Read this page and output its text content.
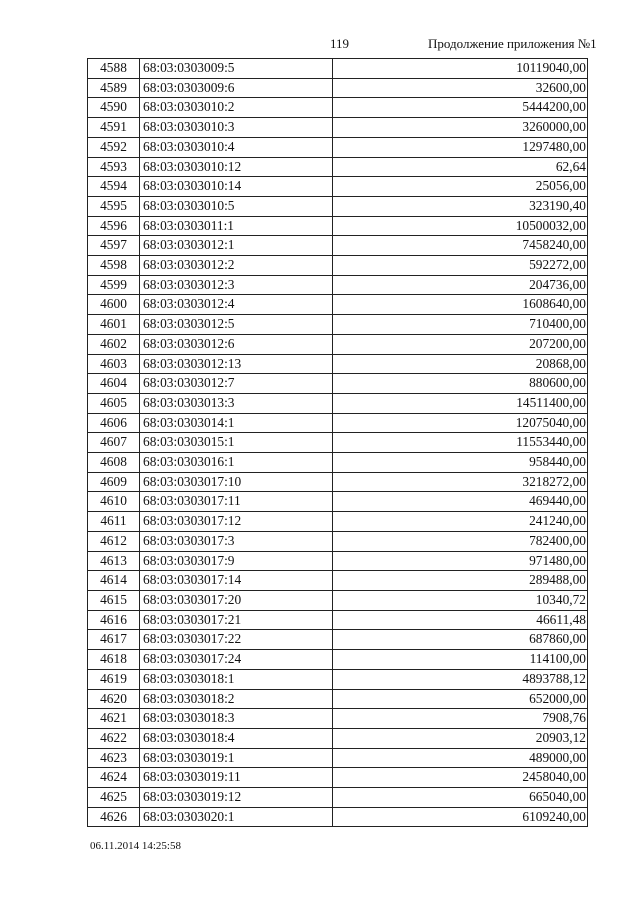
119	Продолжение приложения №1
4588	68:03:0303009:5	10119040,00
4589	68:03:0303009:6	32600,00
4590	68:03:0303010:2	5444200,00
4591	68:03:0303010:3	3260000,00
4592	68:03:0303010:4	1297480,00
4593	68:03:0303010:12	62,64
4594	68:03:0303010:14	25056,00
4595	68:03:0303010:5	323190,40
4596	68:03:0303011:1	10500032,00
4597	68:03:0303012:1	7458240,00
4598	68:03:0303012:2	592272,00
4599	68:03:0303012:3	204736,00
4600	68:03:0303012:4	1608640,00
4601	68:03:0303012:5	710400,00
4602	68:03:0303012:6	207200,00
4603	68:03:0303012:13	20868,00
4604	68:03:0303012:7	880600,00
4605	68:03:0303013:3	14511400,00
4606	68:03:0303014:1	12075040,00
4607	68:03:0303015:1	11553440,00
4608	68:03:0303016:1	958440,00
4609	68:03:0303017:10	3218272,00
4610	68:03:0303017:11	469440,00
4611	68:03:0303017:12	241240,00
4612	68:03:0303017:3	782400,00
4613	68:03:0303017:9	971480,00
4614	68:03:0303017:14	289488,00
4615	68:03:0303017:20	10340,72
4616	68:03:0303017:21	46611,48
4617	68:03:0303017:22	687860,00
4618	68:03:0303017:24	114100,00
4619	68:03:0303018:1	4893788,12
4620	68:03:0303018:2	652000,00
4621	68:03:0303018:3	7908,76
4622	68:03:0303018:4	20903,12
4623	68:03:0303019:1	489000,00
4624	68:03:0303019:11	2458040,00
4625	68:03:0303019:12	665040,00
4626	68:03:0303020:1	6109240,00
06.11.2014 14:25:58
